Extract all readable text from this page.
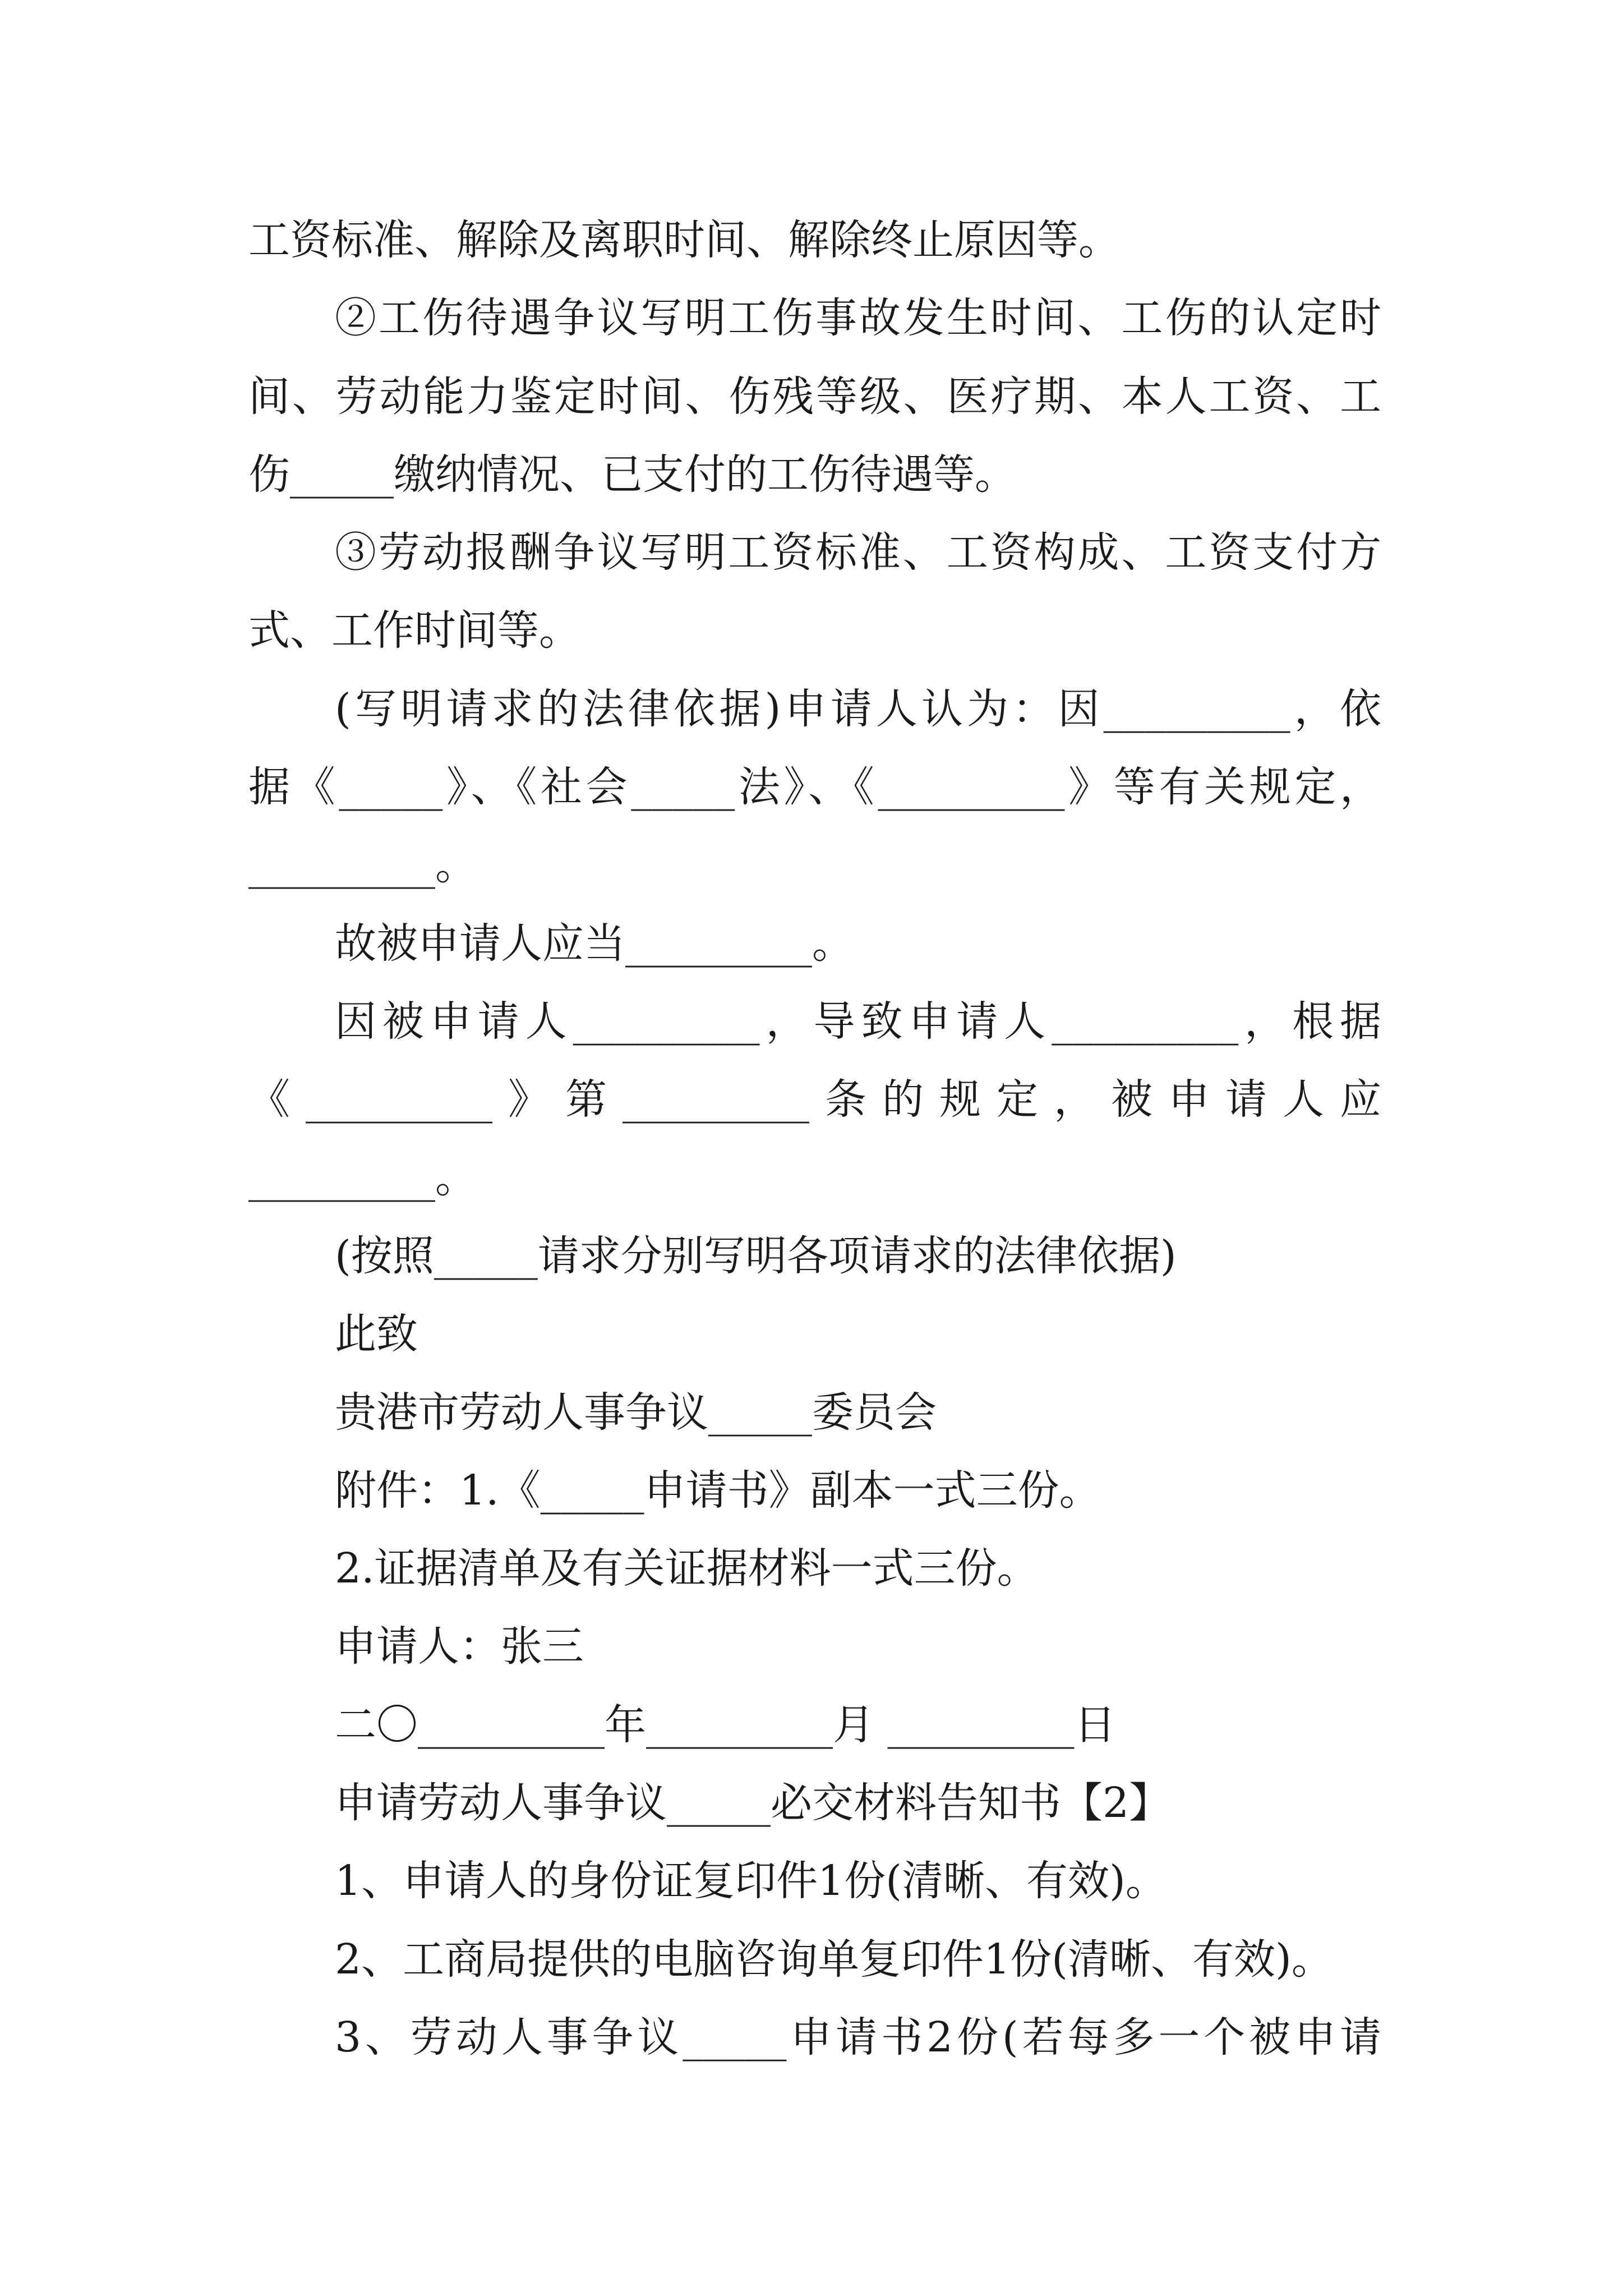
工资标准、解除及离职时间、解除终止原因等。
②工伤待遇争议写明工伤事故发生时间、工伤的认定时
间、劳动能力鉴定时间、伤残等级、医疗期、本人工资、工
伤_____缴纳情况、已支付的工伤待遇等。
③劳动报酬争议写明工资标准、工资构成、工资支付方
式、工作时间等。
(写明请求的法律依据)申请人认为：因_________，依
据《_____》、《社会_____法》、《_________》等有关规定，
_________。
故被申请人应当_________。
因被申请人_________，导致申请人_________，根据
《_________》第_________条的规定，被申请人应
_________。
(按照_____请求分别写明各项请求的法律依据)
此致
贵港市劳动人事争议_____委员会
附件：1.《_____申请书》副本一式三份。
2.证据清单及有关证据材料一式三份。
申请人：张三
二〇_________年_________月 _________日
申请劳动人事争议_____必交材料告知书【2】
1、申请人的身份证复印件1份(清晰、有效)。
2、工商局提供的电脑咨询单复印件1份(清晰、有效)。
3、劳动人事争议_____申请书2份(若每多一个被申请
